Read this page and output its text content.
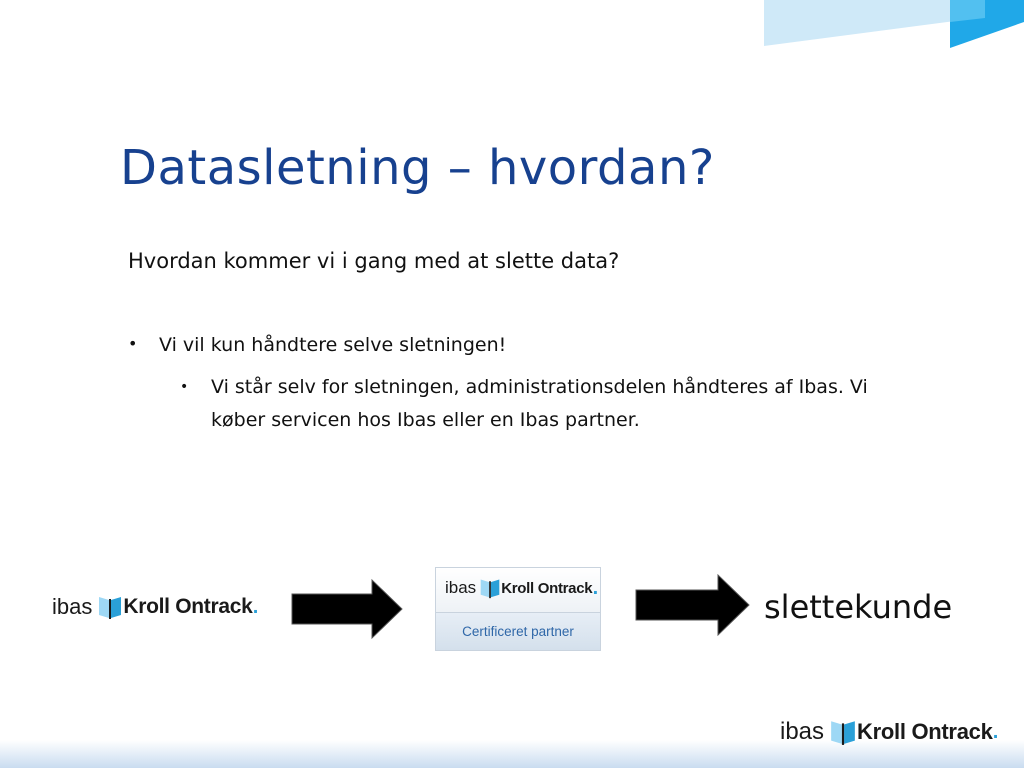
Datasletning – hvordan?

Hvordan kommer vi i gang med at slette data?

• Vi vil kun håndtere selve sletningen!
• Vi står selv for sletningen, administrationsdelen håndteres af Ibas. Vi køber servicen hos Ibas eller en Ibas partner.
ibas Kroll Ontrack .
ibas Kroll Ontrack .
Certificeret partner
slettekunde
ibas Kroll Ontrack .
